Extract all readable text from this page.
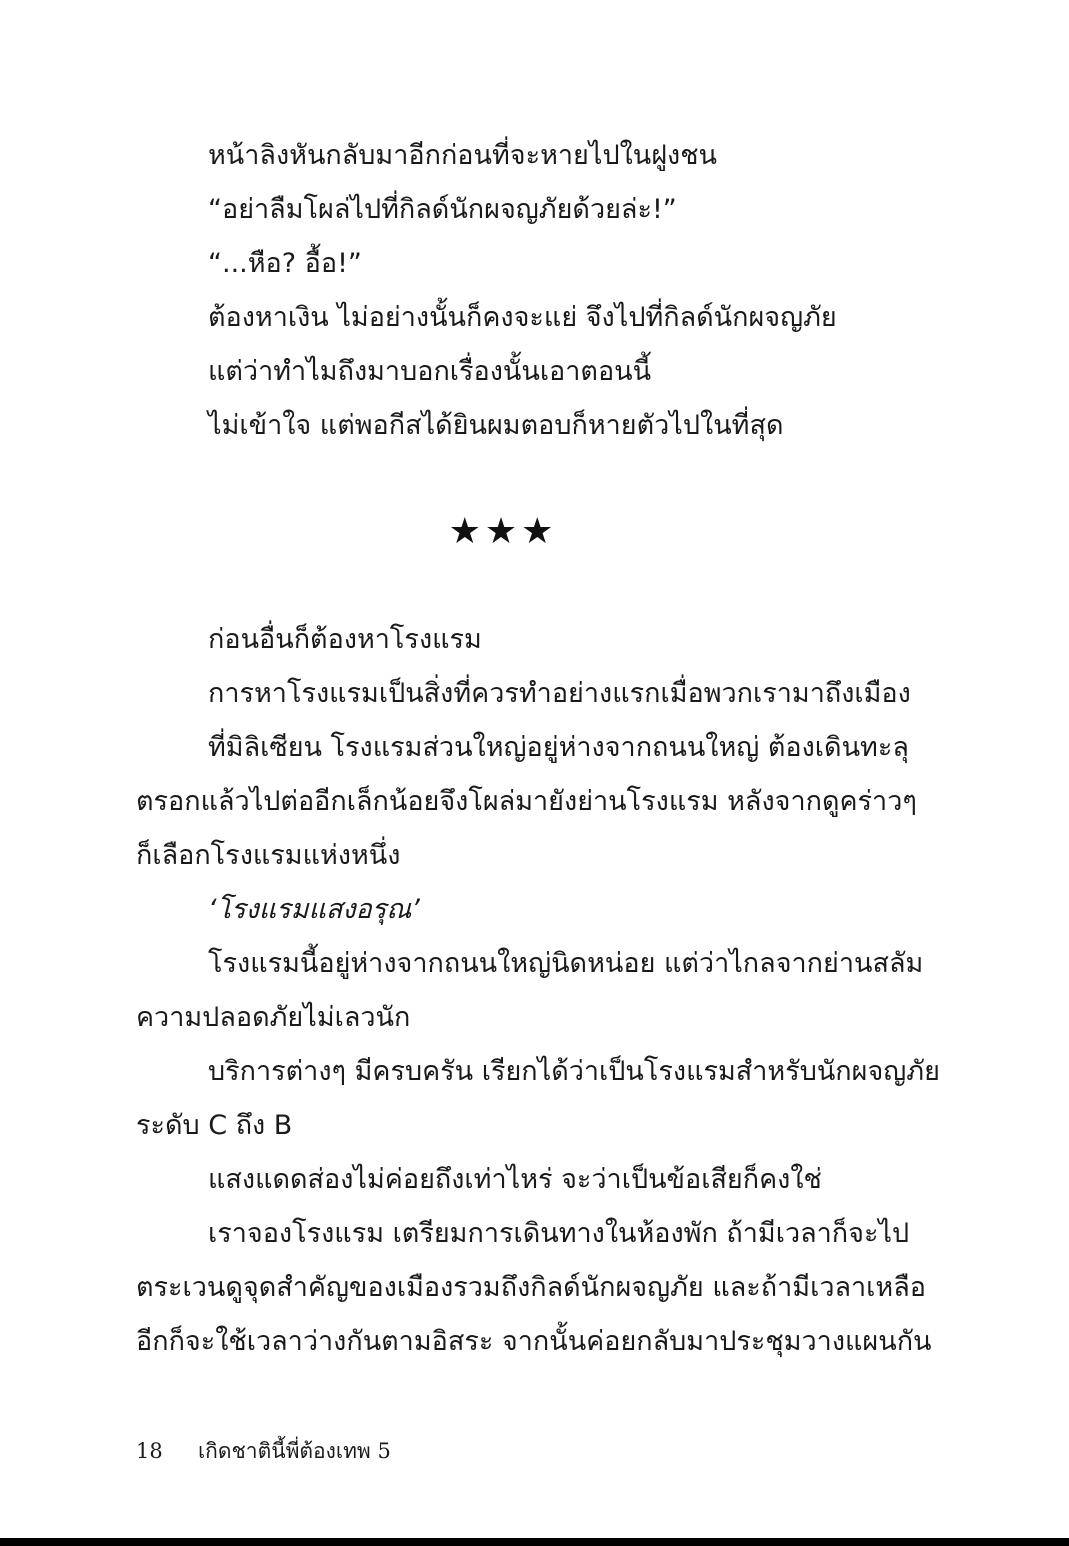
หน้าลิงหันกลับมาอีกก่อนที่จะหายไปในฝูงชน
“อย่าลืมโผล่ไปที่กิลด์นักผจญภัยด้วยล่ะ!”
“...หือ? อื้อ!”
ต้องหาเงิน ไม่อย่างนั้นก็คงจะแย่ จึงไปที่กิลด์นักผจญภัย
แต่ว่าทำไมถึงมาบอกเรื่องนั้นเอาตอนนี้
ไม่เข้าใจ แต่พอกีสได้ยินผมตอบก็หายตัวไปในที่สุด
★★★
ก่อนอื่นก็ต้องหาโรงแรม
การหาโรงแรมเป็นสิ่งที่ควรทำอย่างแรกเมื่อพวกเรามาถึงเมือง
ที่มิลิเซียน โรงแรมส่วนใหญ่อยู่ห่างจากถนนใหญ่ ต้องเดินทะลุ
ตรอกแล้วไปต่ออีกเล็กน้อยจึงโผล่มายังย่านโรงแรม หลังจากดูคร่าวๆ
ก็เลือกโรงแรมแห่งหนึ่ง
‘โรงแรมแสงอรุณ’
โรงแรมนี้อยู่ห่างจากถนนใหญ่นิดหน่อย แต่ว่าไกลจากย่านสลัม
ความปลอดภัยไม่เลวนัก
บริการต่างๆ มีครบครัน เรียกได้ว่าเป็นโรงแรมสำหรับนักผจญภัย
ระดับ C ถึง B
แสงแดดส่องไม่ค่อยถึงเท่าไหร่ จะว่าเป็นข้อเสียก็คงใช่
เราจองโรงแรม เตรียมการเดินทางในห้องพัก ถ้ามีเวลาก็จะไป
ตระเวนดูจุดสำคัญของเมืองรวมถึงกิลด์นักผจญภัย และถ้ามีเวลาเหลือ
อีกก็จะใช้เวลาว่างกันตามอิสระ จากนั้นค่อยกลับมาประชุมวางแผนกัน
18 เกิดชาตินี้พี่ต้องเทพ 5
